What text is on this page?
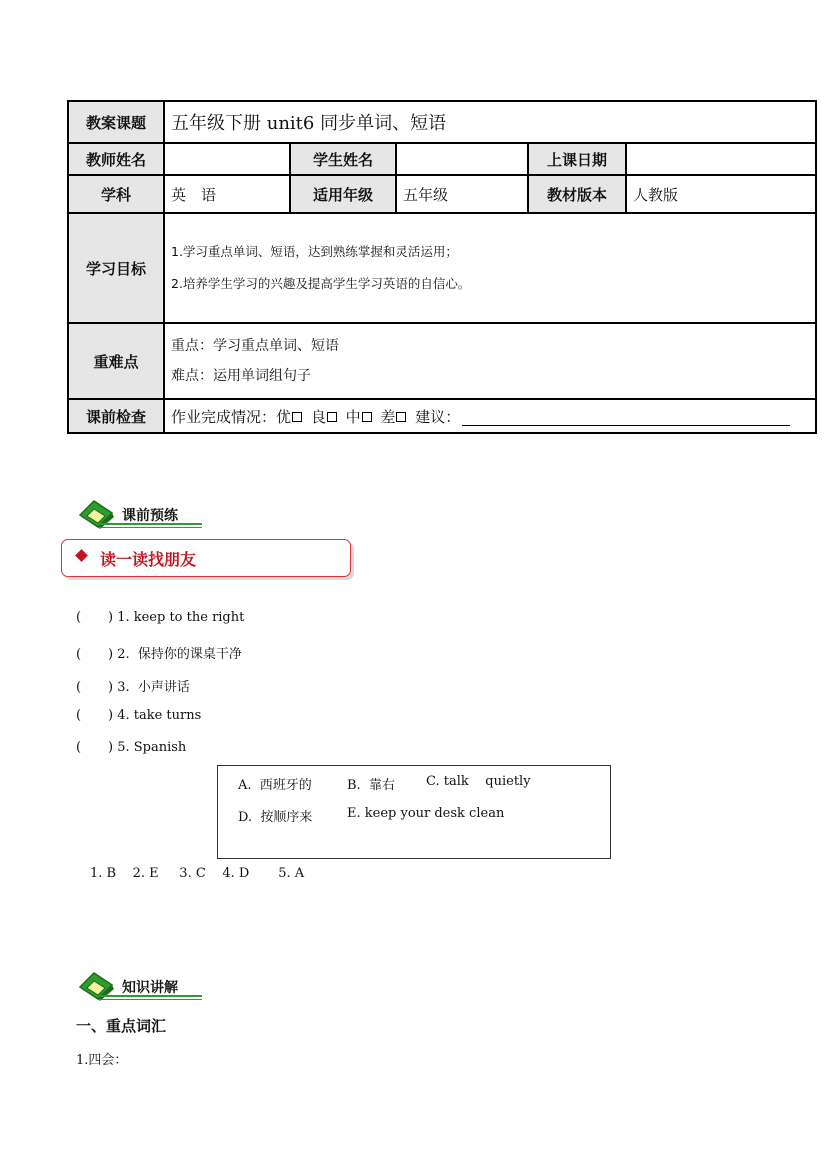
教案课题	五年级下册 unit6 同步单词、短语				
教师姓名		学生姓名		上课日期	
学科	英　语	适用年级	五年级	教材版本	人教版
学习目标	1.学习重点单词、短语，达到熟练掌握和灵活运用；
2.培养学生学习的兴趣及提高学生学习英语的自信心。				

重难点	重点：学习重点单词、短语
难点：运用单词组句子				

课前检查	作业完成情况：优 良 中 差 建议：				
课前预练
读一读找朋友
( ) 1. keep to the right
( ) 2.  保持你的课桌干净
( ) 3.  小声讲话
( ) 4. take turns
( ) 5. Spanish
A.  西班牙的	B.  靠右 C. talk    quietly
D.  按顺序来	E. keep your desk clean
1. B    2. E     3. C    4. D       5. A
知识讲解
一、重点词汇
1.四会：
